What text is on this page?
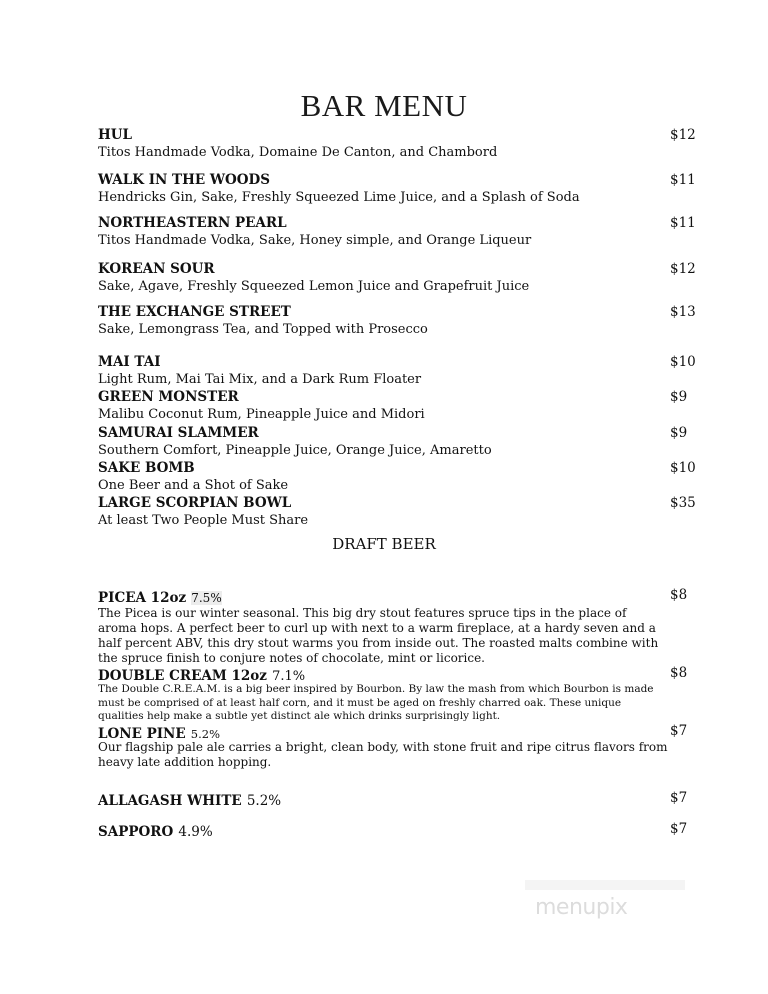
BAR MENU
HUL	$12
Titos Handmade Vodka, Domaine De Canton, and Chambord
WALK IN THE WOODS	$11
Hendricks Gin, Sake, Freshly Squeezed Lime Juice, and a Splash of Soda
NORTHEASTERN PEARL	$11
Titos Handmade Vodka, Sake, Honey simple, and Orange Liqueur
KOREAN SOUR	$12
Sake, Agave, Freshly Squeezed Lemon Juice and Grapefruit Juice
THE EXCHANGE STREET	$13
Sake, Lemongrass Tea, and Topped with Prosecco
MAI TAI	$10
Light Rum, Mai Tai Mix, and a Dark Rum Floater
GREEN MONSTER	$9
Malibu Coconut Rum, Pineapple Juice and Midori
SAMURAI SLAMMER	$9
Southern Comfort, Pineapple Juice, Orange Juice, Amaretto
SAKE BOMB	$10
One Beer and a Shot of Sake
LARGE SCORPIAN BOWL	$35
At least Two People Must Share
DRAFT BEER
PICEA 12oz 7.5%	$8
The Picea is our winter seasonal. This big dry stout features spruce tips in the place of aroma hops. A perfect beer to curl up with next to a warm fireplace, at a hardy seven and a half percent ABV, this dry stout warms you from inside out. The roasted malts combine with the spruce finish to conjure notes of chocolate, mint or licorice.
DOUBLE CREAM 12oz 7.1%	$8
The Double C.R.E.A.M. is a big beer inspired by Bourbon. By law the mash from which Bourbon is made must be comprised of at least half corn, and it must be aged on freshly charred oak. These unique qualities help make a subtle yet distinct ale which drinks surprisingly light.
LONE PINE 5.2%	$7
Our flagship pale ale carries a bright, clean body, with stone fruit and ripe citrus flavors from heavy late addition hopping.
ALLAGASH WHITE 5.2%	$7
SAPPORO 4.9%	$7
menupix
